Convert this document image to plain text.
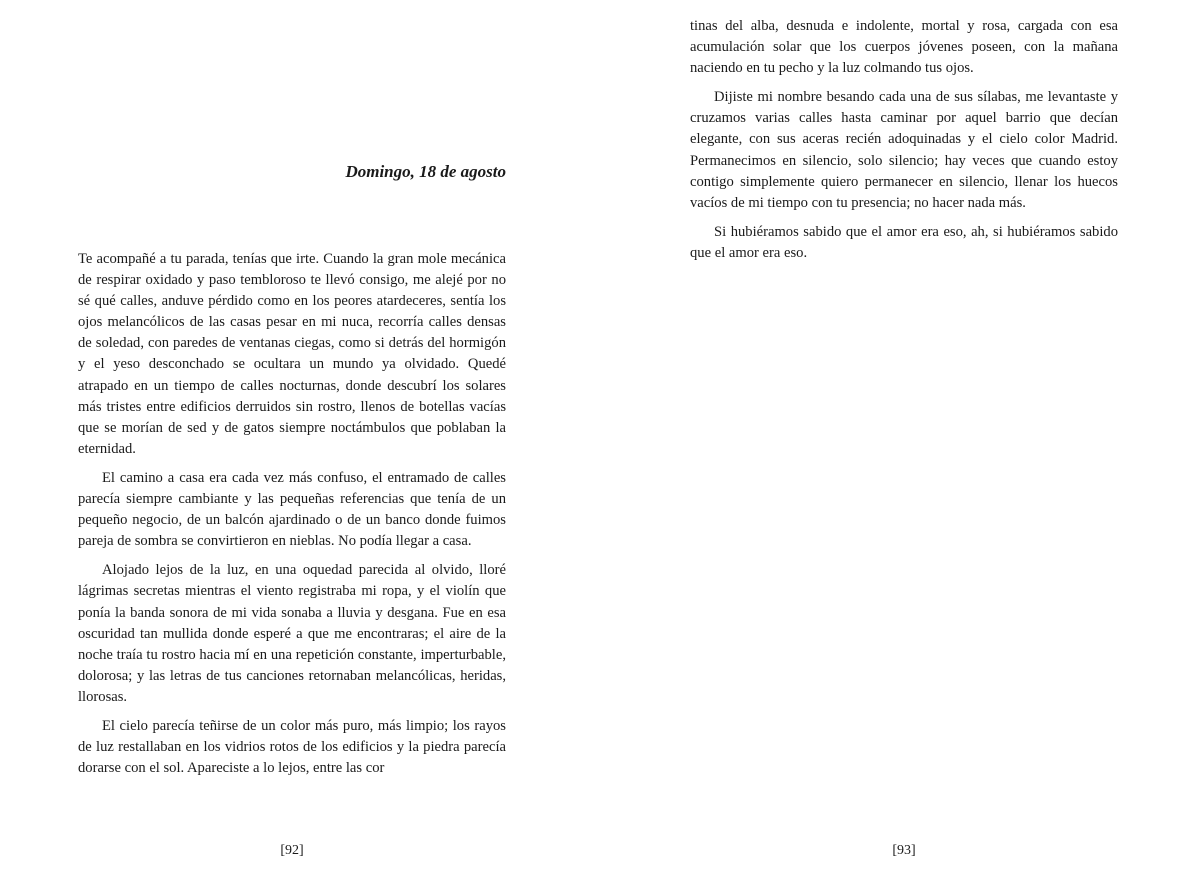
Domingo, 18 de agosto

Te acompañé a tu parada, tenías que irte. Cuando la gran mole mecánica de respirar oxidado y paso tembloroso te llevó consigo, me alejé por no sé qué calles, anduve pérdido como en los peores atardeceres, sentía los ojos melancólicos de las casas pesar en mi nuca, recorría calles densas de soledad, con paredes de ventanas ciegas, como si detrás del hormigón y el yeso desconchado se ocultara un mundo ya olvidado. Quedé atrapado en un tiempo de calles nocturnas, donde descubrí los solares más tristes entre edificios derruidos sin rostro, llenos de botellas vacías que se morían de sed y de gatos siempre noctámbulos que poblaban la eternidad.

El camino a casa era cada vez más confuso, el entramado de calles parecía siempre cambiante y las pequeñas referencias que tenía de un pequeño negocio, de un balcón ajardinado o de un banco donde fuimos pareja de sombra se convirtieron en nieblas. No podía llegar a casa.

Alojado lejos de la luz, en una oquedad parecida al olvido, lloré lágrimas secretas mientras el viento registraba mi ropa, y el violín que ponía la banda sonora de mi vida sonaba a lluvia y desgana. Fue en esa oscuridad tan mullida donde esperé a que me encontraras; el aire de la noche traía tu rostro hacia mí en una repetición constante, imperturbable, dolorosa; y las letras de tus canciones retornaban melancólicas, heridas, llorosas.

El cielo parecía teñirse de un color más puro, más limpio; los rayos de luz restallaban en los vidrios rotos de los edificios y la piedra parecía dorarse con el sol. Apareciste a lo lejos, entre las cor

[92]

tinas del alba, desnuda e indolente, mortal y rosa, cargada con esa acumulación solar que los cuerpos jóvenes poseen, con la mañana naciendo en tu pecho y la luz colmando tus ojos.

Dijiste mi nombre besando cada una de sus sílabas, me levantaste y cruzamos varias calles hasta caminar por aquel barrio que decían elegante, con sus aceras recién adoquinadas y el cielo color Madrid. Permanecimos en silencio, solo silencio; hay veces que cuando estoy contigo simplemente quiero permanecer en silencio, llenar los huecos vacíos de mi tiempo con tu presencia; no hacer nada más.

Si hubiéramos sabido que el amor era eso, ah, si hubiéramos sabido que el amor era eso.

[93]
